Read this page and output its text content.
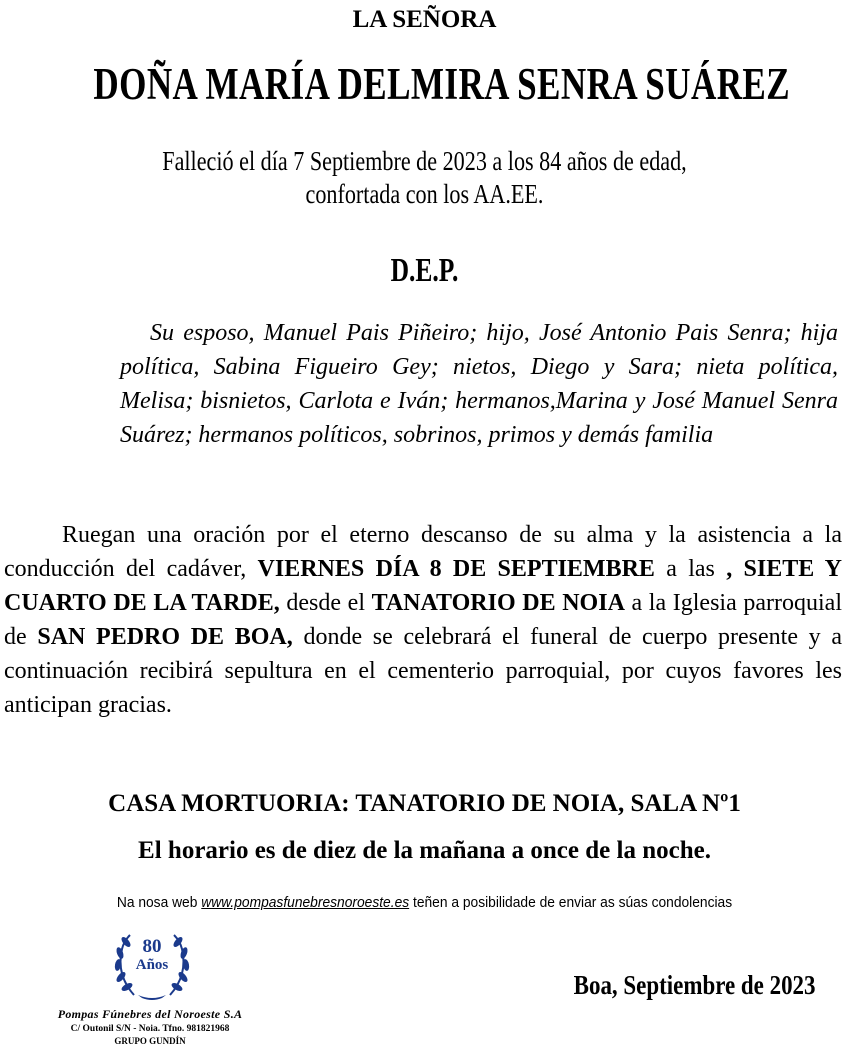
LA SEÑORA
DOÑA MARÍA DELMIRA SENRA SUÁREZ
Falleció el día 7 Septiembre de 2023 a los 84 años de edad,
confortada con los AA.EE.
D.E.P.
Su esposo, Manuel Pais Piñeiro; hijo, José Antonio Pais Senra; hija política, Sabina Figueiro Gey; nietos, Diego y Sara; nieta política, Melisa; bisnietos, Carlota e Iván; hermanos,Marina y José Manuel Senra Suárez; hermanos políticos, sobrinos, primos y demás familia
Ruegan una oración por el eterno descanso de su alma y la asistencia a la conducción del cadáver, VIERNES DÍA 8 DE SEPTIEMBRE a las , SIETE Y CUARTO DE LA TARDE, desde el TANATORIO DE NOIA a la Iglesia parroquial de SAN PEDRO DE BOA, donde se celebrará el funeral de cuerpo presente y a continuación recibirá sepultura en el cementerio parroquial, por cuyos favores les anticipan gracias.
CASA MORTUORIA: TANATORIO DE NOIA, SALA Nº1
El horario es de diez de la mañana a once de la noche.
Na nosa web www.pompasfunebresnoroeste.es teñen a posibilidade de enviar as súas condolencias
80
Años
Pompas Fúnebres del Noroeste S.A
C/ Outonil S/N - Noia. Tfno. 981821968
GRUPO GUNDÍN
Boa, Septiembre de 2023
